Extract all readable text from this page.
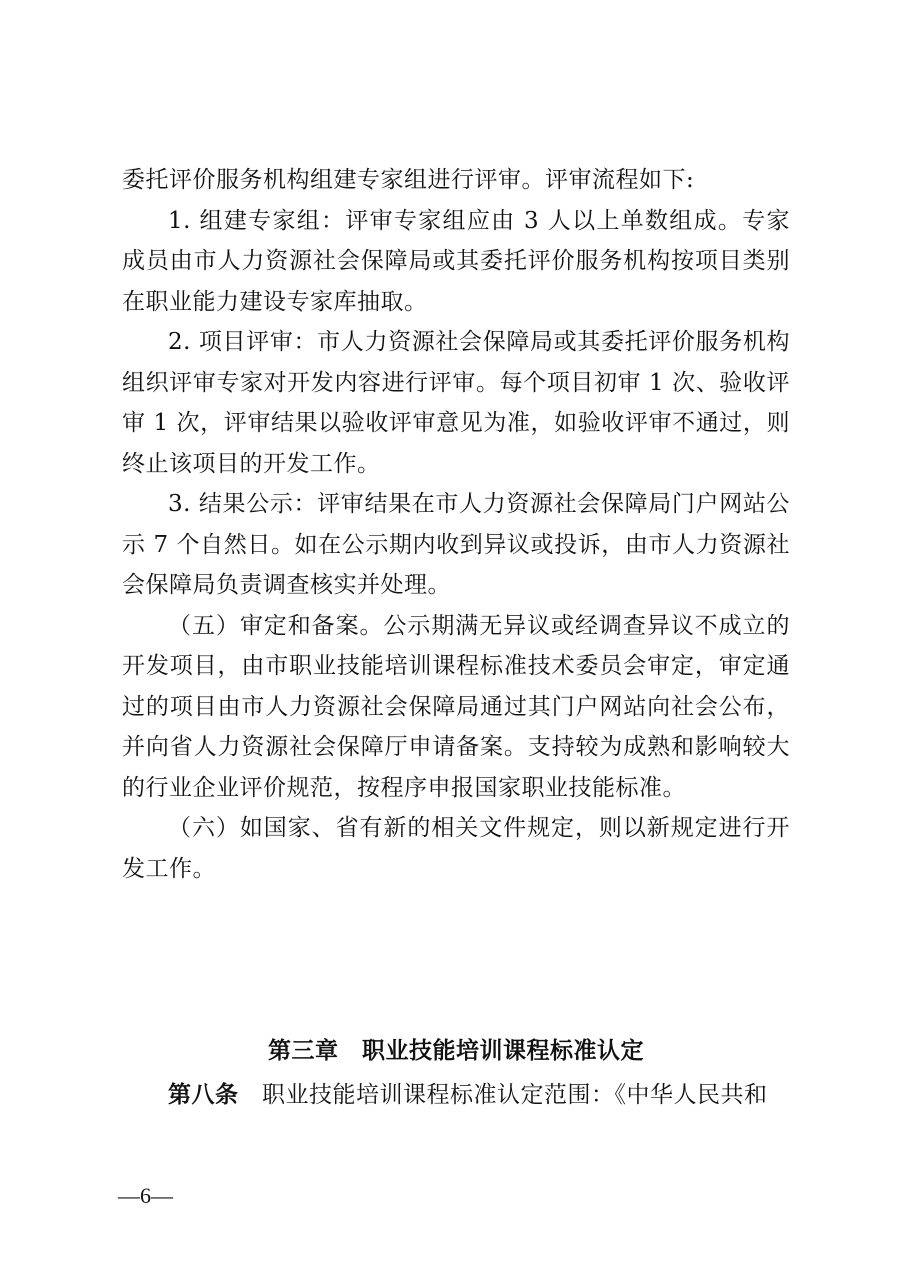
委托评价服务机构组建专家组进行评审。评审流程如下:

1. 组建专家组：评审专家组应由 3 人以上单数组成。专家成员由市人力资源社会保障局或其委托评价服务机构按项目类别在职业能力建设专家库抽取。

2. 项目评审：市人力资源社会保障局或其委托评价服务机构组织评审专家对开发内容进行评审。每个项目初审 1 次、验收评审 1 次，评审结果以验收评审意见为准，如验收评审不通过，则终止该项目的开发工作。

3. 结果公示：评审结果在市人力资源社会保障局门户网站公示 7 个自然日。如在公示期内收到异议或投诉，由市人力资源社会保障局负责调查核实并处理。

（五）审定和备案。公示期满无异议或经调查异议不成立的开发项目，由市职业技能培训课程标准技术委员会审定，审定通过的项目由市人力资源社会保障局通过其门户网站向社会公布，并向省人力资源社会保障厅申请备案。支持较为成熟和影响较大的行业企业评价规范，按程序申报国家职业技能标准。

（六）如国家、省有新的相关文件规定，则以新规定进行开发工作。

第三章　职业技能培训课程标准认定
第八条　职业技能培训课程标准认定范围：《中华人民共和
—6—
